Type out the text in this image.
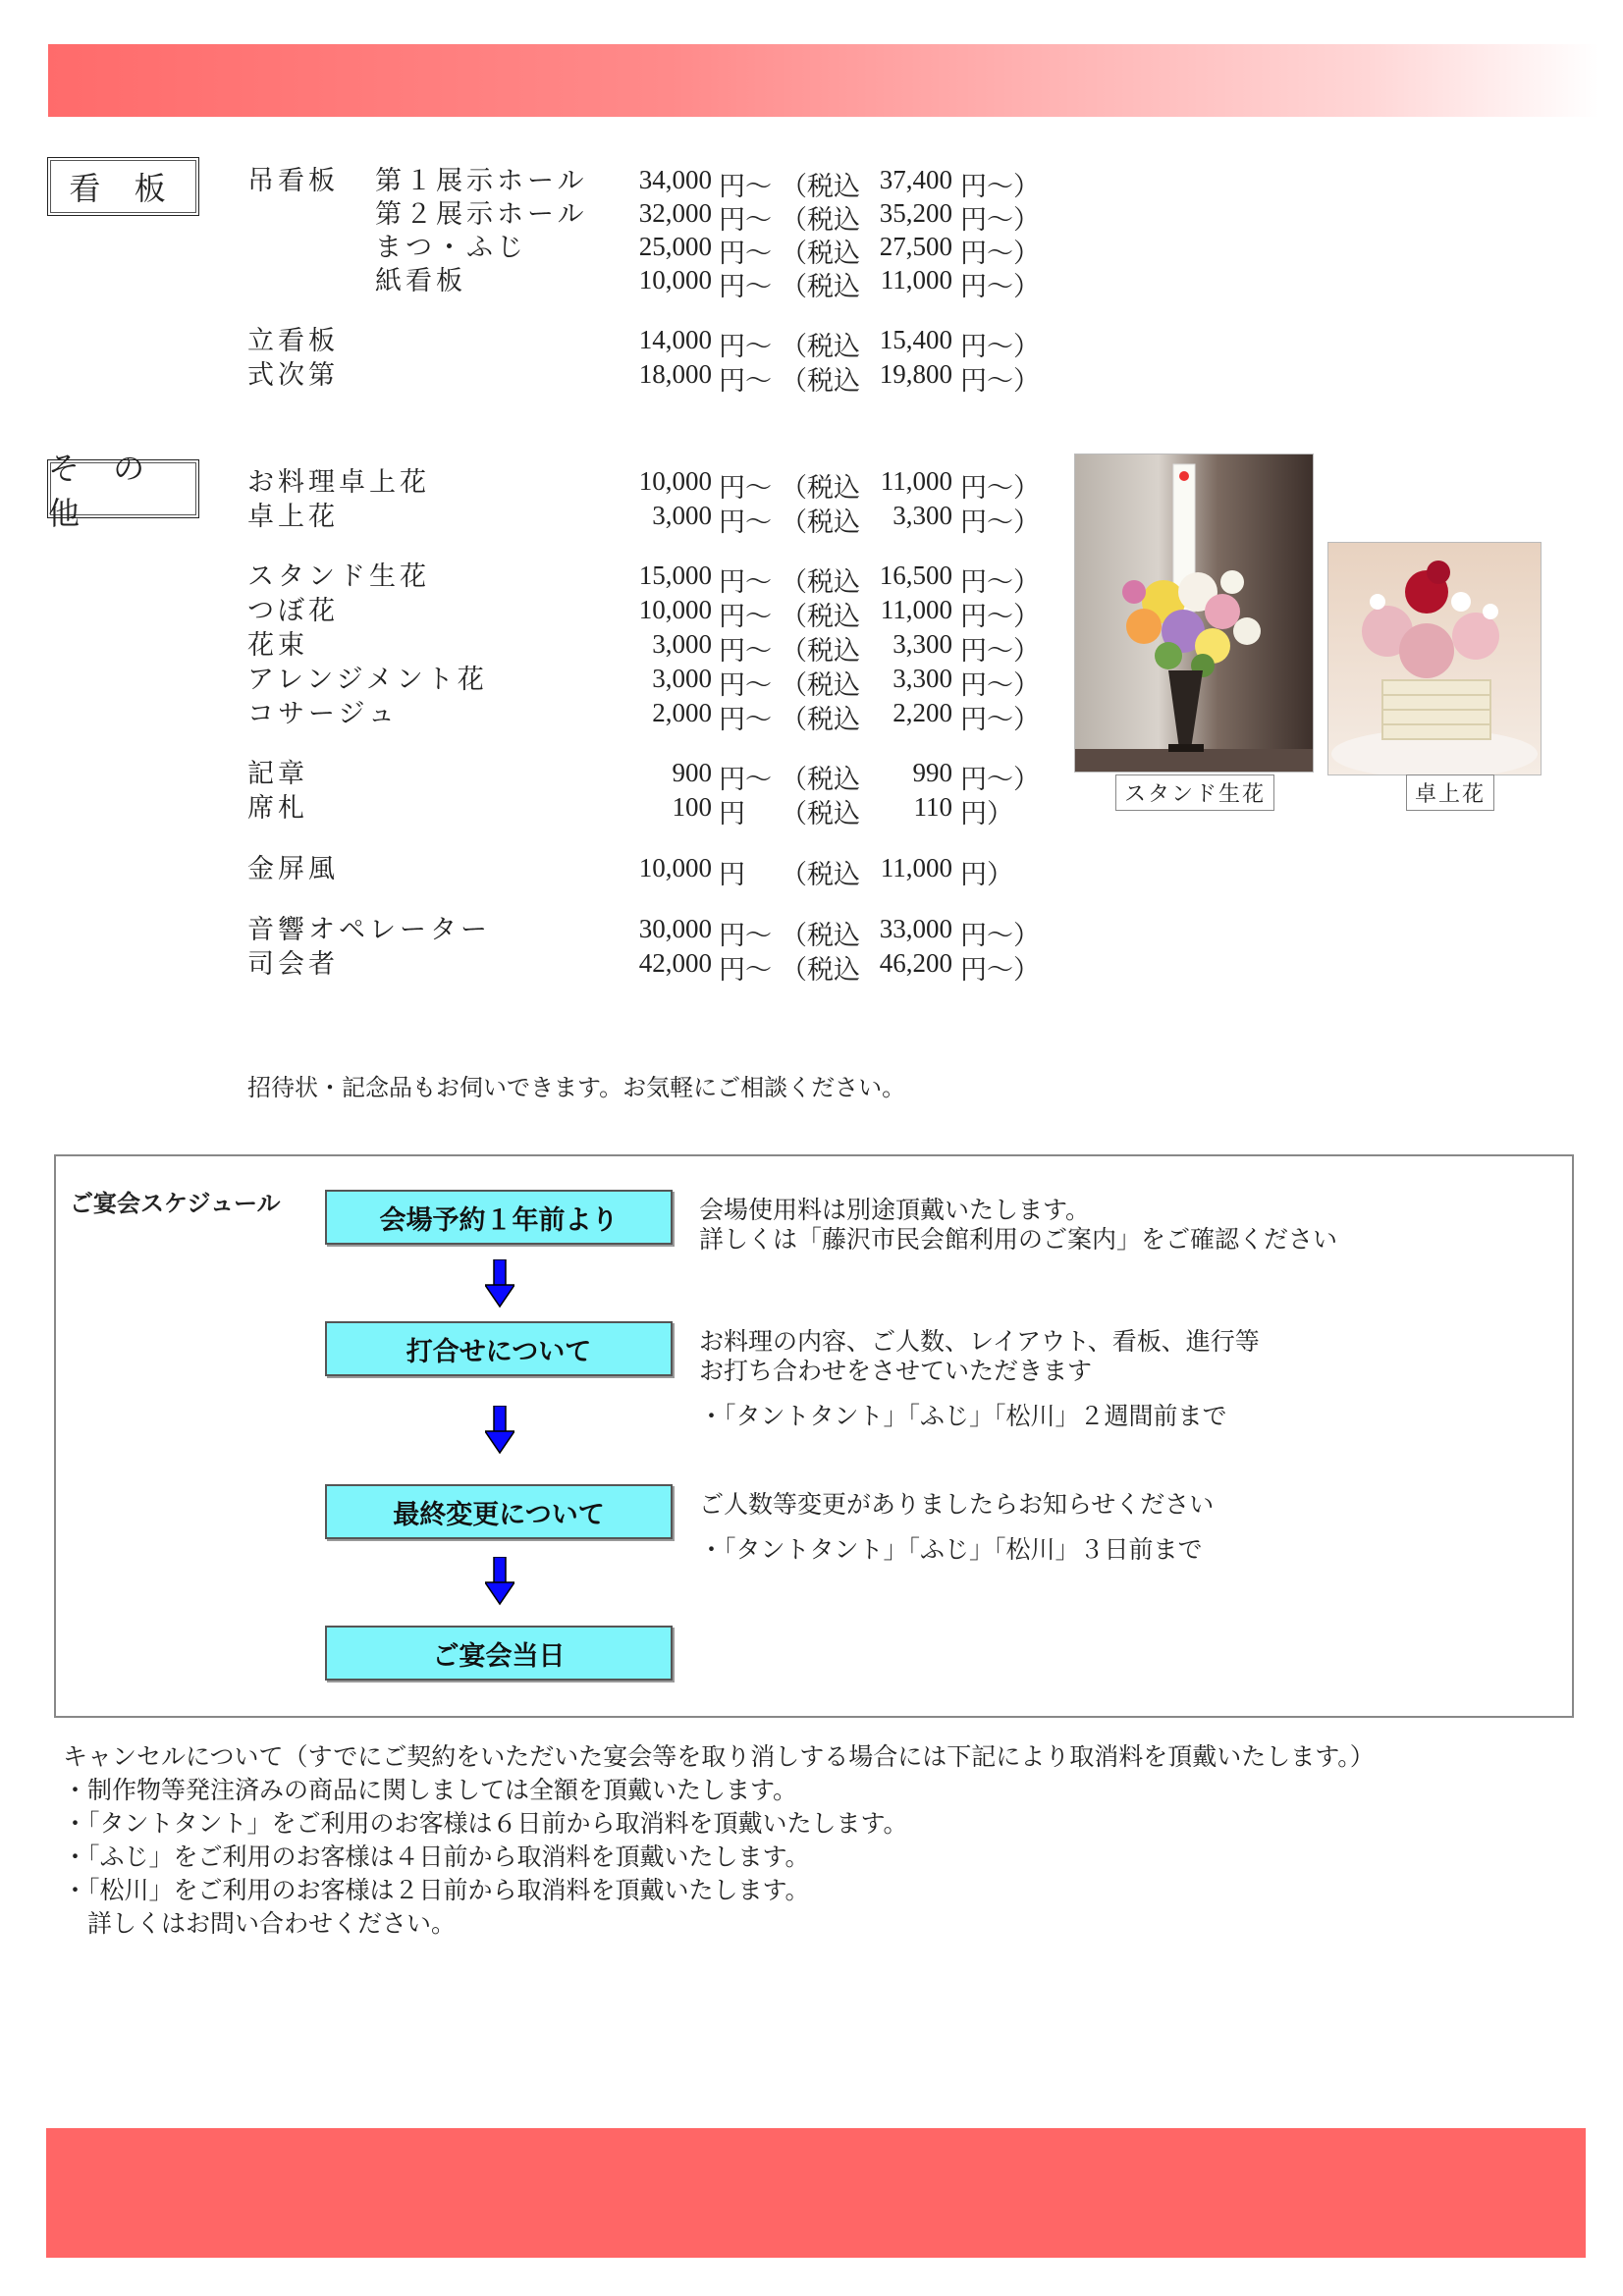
看 板	吊看板 第１展示ホール	34,000 円～ （税込 37,400 円～）
第２展示ホール	32,000 円～ （税込 35,200 円～）
まつ・ふじ	25,000 円～ （税込 27,500 円～）
紙看板	10,000 円～ （税込 11,000 円～）
立看板	14,000 円～ （税込 15,400 円～）
式次第	18,000 円～ （税込 19,800 円～）
そ の 他
お料理卓上花	10,000 円～ （税込 11,000 円～）
卓上花	3,000 円～ （税込	3,300 円～）
スタンド生花	15,000 円～ （税込 16,500 円～）
つぼ花	10,000 円～ （税込 11,000 円～）
花束	3,000 円～ （税込	3,300 円～）
アレンジメント花	3,000 円～ （税込	3,300 円～）
コサージュ	2,000 円～ （税込	2,200 円～）
記章	900 円～ （税込	990 円～）
席札	100 円 （税込	110 円）
金屏風	10,000 円 （税込 11,000 円）
音響オペレーター	30,000 円～ （税込 33,000 円～）
司会者	42,000 円～ （税込 46,200 円～）
スタンド生花	卓上花
招待状・記念品もお伺いできます。お気軽にご相談ください。
ご宴会スケジュール
会場予約１年前より
打合せについて
最終変更について
ご宴会当日
会場使用料は別途頂戴いたします。
詳しくは「藤沢市民会館利用のご案内」をご確認ください
お料理の内容、ご人数、レイアウト、看板、進行等
お打ち合わせをさせていただきます
・「タントタント」「ふじ」「松川」２週間前まで
ご人数等変更がありましたらお知らせください
・「タントタント」「ふじ」「松川」３日前まで
キャンセルについて（すでにご契約をいただいた宴会等を取り消しする場合には下記により取消料を頂戴いたします。）
・制作物等発注済みの商品に関しましては全額を頂戴いたします。
・「タントタント」をご利用のお客様は６日前から取消料を頂戴いたします。
・「ふじ」をご利用のお客様は４日前から取消料を頂戴いたします。
・「松川」をご利用のお客様は２日前から取消料を頂戴いたします。
　詳しくはお問い合わせください。
